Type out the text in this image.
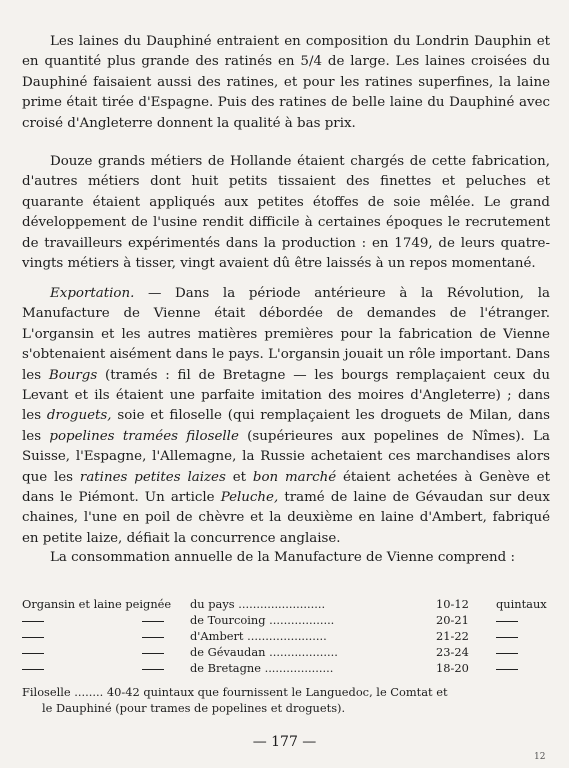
Les laines du Dauphiné entraient en composition du Londrin Dauphin et en quantité plus grande des ratinés en 5/4 de large. Les laines croisées du Dauphiné faisaient aussi des ratines, et pour les ratines superfines, la laine prime était tirée d'Espagne. Puis des ratines de belle laine du Dauphiné avec croisé d'Angleterre donnent la qualité à bas prix.

Douze grands métiers de Hollande étaient chargés de cette fabrication, d'autres métiers dont huit petits tissaient des finettes et peluches et quarante étaient appliqués aux petites étoffes de soie mêlée. Le grand développement de l'usine rendit difficile à certaines époques le recrutement de travailleurs expérimentés dans la production : en 1749, de leurs quatre-vingts métiers à tisser, vingt avaient dû être laissés à un repos momentané.

Exportation. — Dans la période antérieure à la Révolution, la Manufacture de Vienne était débordée de demandes de l'étranger. L'organsin et les autres matières premières pour la fabrication de Vienne s'obtenaient aisément dans le pays. L'organsin jouait un rôle important. Dans les Bourgs (tramés : fil de Bretagne — les bourgs remplaçaient ceux du Levant et ils étaient une parfaite imitation des moires d'Angleterre) ; dans les droguets, soie et filoselle (qui remplaçaient les droguets de Milan, dans les popelines tramées filoselle (supérieures aux popelines de Nîmes). La Suisse, l'Espagne, l'Allemagne, la Russie achetaient ces marchandises alors que les ratines petites laizes et bon marché étaient achetées à Genève et dans le Piémont. Un article Peluche, tramé de laine de Gévaudan sur deux chaines, l'une en poil de chèvre et la deuxième en laine d'Ambert, fabriqué en petite laize, défiait la concurrence anglaise.

La consommation annuelle de la Manufacture de Vienne comprend :

Organsin et laine peignée du pays ........................	10-12 quintaux
de Tourcoing ..................	20-21
d'Ambert ......................	21-22
de Gévaudan ...................	23-24
de Bretagne ...................	18-20
Filoselle ........ 40-42 quintaux que fournissent le Languedoc, le Comtat et
le Dauphiné (pour trames de popelines et droguets).
— 177 —
12
